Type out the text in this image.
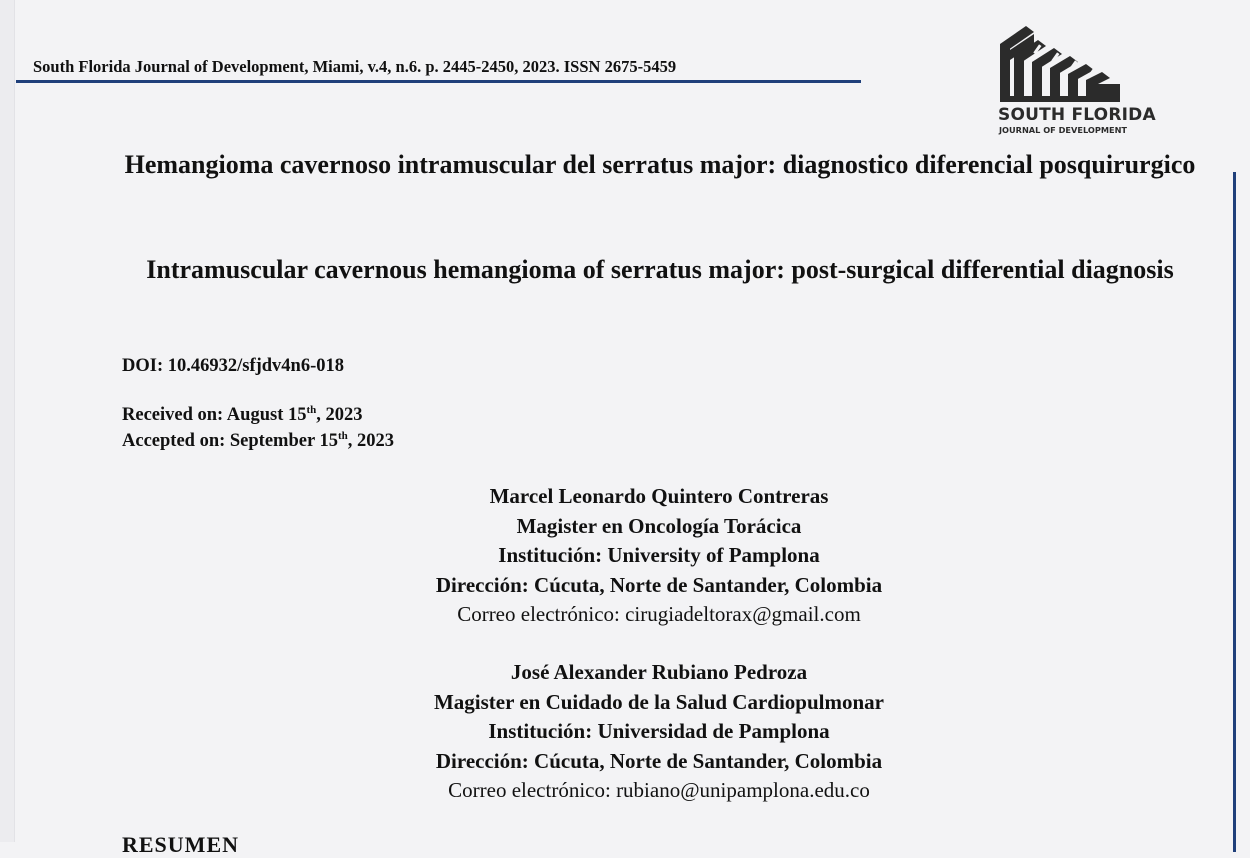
South Florida Journal of Development, Miami, v.4, n.6. p. 2445-2450, 2023. ISSN 2675-5459
SOUTH FLORIDA
JOURNAL OF DEVELOPMENT
Hemangioma cavernoso intramuscular del serratus major: diagnostico diferencial posquirurgico
Intramuscular cavernous hemangioma of serratus major: post-surgical differential diagnosis
DOI: 10.46932/sfjdv4n6-018
Received on: August 15th, 2023
Accepted on: September 15th, 2023
Marcel Leonardo Quintero Contreras
Magister en Oncología Torácica
Institución: University of Pamplona
Dirección: Cúcuta, Norte de Santander, Colombia
Correo electrónico: cirugiadeltorax@gmail.com
José Alexander Rubiano Pedroza
Magister en Cuidado de la Salud Cardiopulmonar
Institución: Universidad de Pamplona
Dirección: Cúcuta, Norte de Santander, Colombia
Correo electrónico: rubiano@unipamplona.edu.co
RESUMEN
